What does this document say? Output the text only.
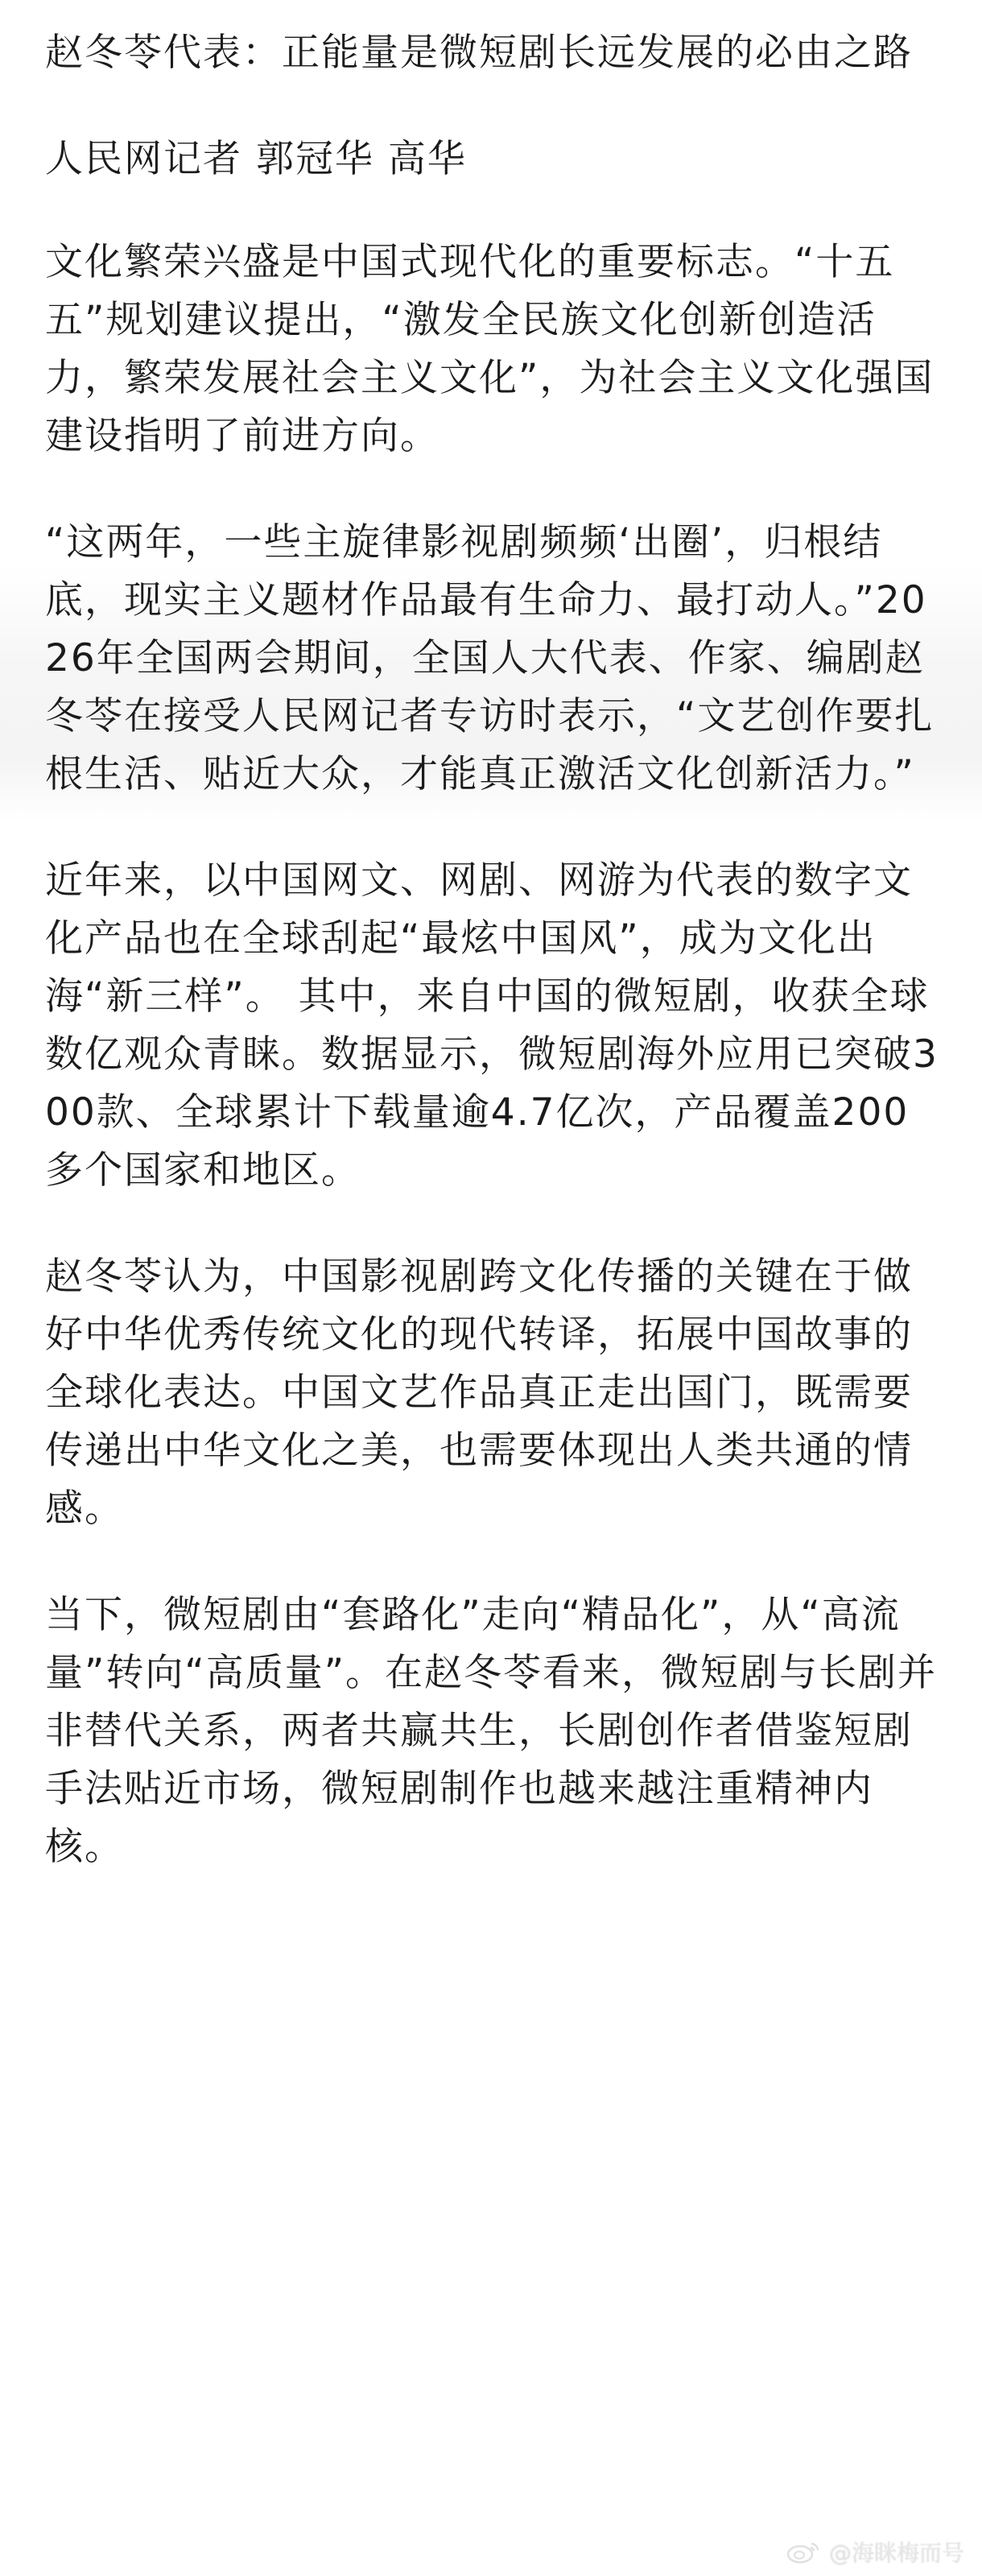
赵冬苓代表：正能量是微短剧长远发展的必由之路

人民网记者 郭冠华 高华

文化繁荣兴盛是中国式现代化的重要标志。“十五五”规划建议提出，“激发全民族文化创新创造活力，繁荣发展社会主义文化”，为社会主义文化强国建设指明了前进方向。

“这两年，一些主旋律影视剧频频‘出圈’，归根结底，现实主义题材作品最有生命力、最打动人。”2026年全国两会期间，全国人大代表、作家、编剧赵冬苓在接受人民网记者专访时表示，“文艺创作要扎根生活、贴近大众，才能真正激活文化创新活力。”

近年来，以中国网文、网剧、网游为代表的数字文化产品也在全球刮起“最炫中国风”，成为文化出海“新三样”。 其中，来自中国的微短剧，收获全球数亿观众青睐。数据显示，微短剧海外应用已突破300款、全球累计下载量逾4.7亿次，产品覆盖200多个国家和地区。

赵冬苓认为，中国影视剧跨文化传播的关键在于做好中华优秀传统文化的现代转译，拓展中国故事的全球化表达。中国文艺作品真正走出国门，既需要传递出中华文化之美，也需要体现出人类共通的情感。

当下，微短剧由“套路化”走向“精品化”，从“高流量”转向“高质量”。在赵冬苓看来，微短剧与长剧并非替代关系，两者共赢共生，长剧创作者借鉴短剧手法贴近市场，微短剧制作也越来越注重精神内核。

@海眯梅而号
